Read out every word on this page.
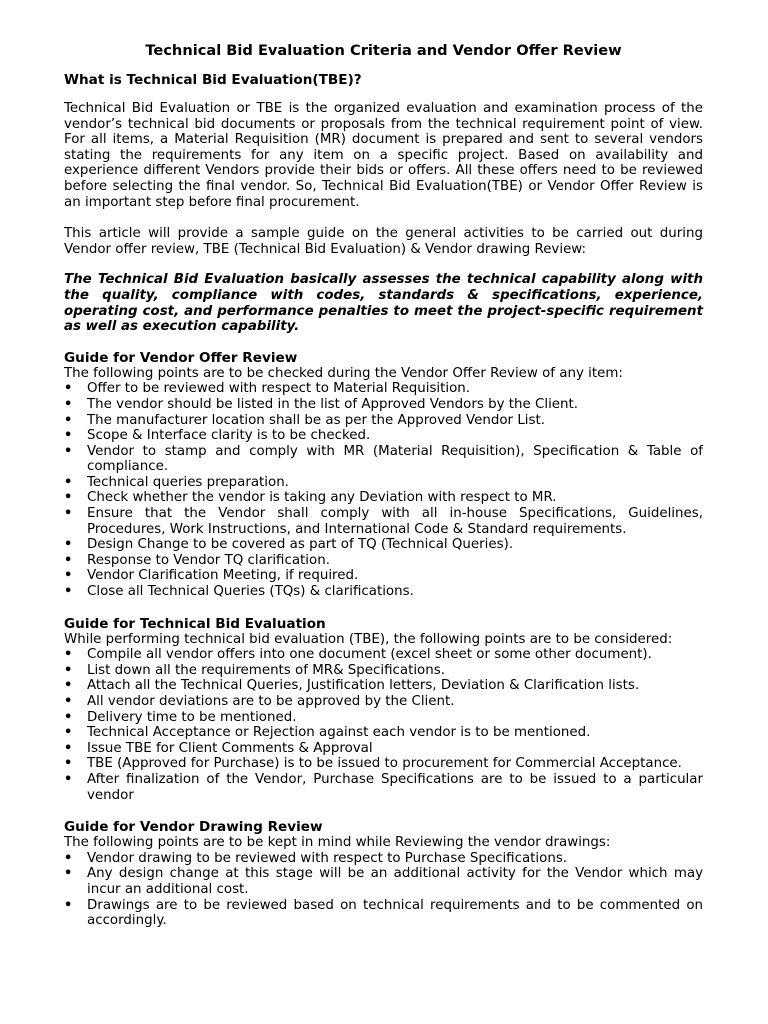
Technical Bid Evaluation Criteria and Vendor Offer Review
What is Technical Bid Evaluation(TBE)?

Technical Bid Evaluation or TBE is the organized evaluation and examination process of the vendor’s technical bid documents or proposals from the technical requirement point of view. For all items, a Material Requisition (MR) document is prepared and sent to several vendors stating the requirements for any item on a specific project. Based on availability and experience different Vendors provide their bids or offers. All these offers need to be reviewed before selecting the final vendor. So, Technical Bid Evaluation(TBE) or Vendor Offer Review is an important step before final procurement.

This article will provide a sample guide on the general activities to be carried out during Vendor offer review, TBE (Technical Bid Evaluation) & Vendor drawing Review:

The Technical Bid Evaluation basically assesses the technical capability along with the quality, compliance with codes, standards & specifications, experience, operating cost, and performance penalties to meet the project-specific requirement as well as execution capability.

Guide for Vendor Offer Review

The following points are to be checked during the Vendor Offer Review of any item:

• Offer to be reviewed with respect to Material Requisition.
• The vendor should be listed in the list of Approved Vendors by the Client.
• The manufacturer location shall be as per the Approved Vendor List.
• Scope & Interface clarity is to be checked.
• Vendor to stamp and comply with MR (Material Requisition), Specification & Table of compliance.
• Technical queries preparation.
• Check whether the vendor is taking any Deviation with respect to MR.
• Ensure that the Vendor shall comply with all in-house Specifications, Guidelines, Procedures, Work Instructions, and International Code & Standard requirements.
• Design Change to be covered as part of TQ (Technical Queries).
• Response to Vendor TQ clarification.
• Vendor Clarification Meeting, if required.
• Close all Technical Queries (TQs) & clarifications.
Guide for Technical Bid Evaluation

While performing technical bid evaluation (TBE), the following points are to be considered:

• Compile all vendor offers into one document (excel sheet or some other document).
• List down all the requirements of MR& Specifications.
• Attach all the Technical Queries, Justification letters, Deviation & Clarification lists.
• All vendor deviations are to be approved by the Client.
• Delivery time to be mentioned.
• Technical Acceptance or Rejection against each vendor is to be mentioned.
• Issue TBE for Client Comments & Approval
• TBE (Approved for Purchase) is to be issued to procurement for Commercial Acceptance.
• After finalization of the Vendor, Purchase Specifications are to be issued to a particular vendor
Guide for Vendor Drawing Review

The following points are to be kept in mind while Reviewing the vendor drawings:

• Vendor drawing to be reviewed with respect to Purchase Specifications.
• Any design change at this stage will be an additional activity for the Vendor which may incur an additional cost.
• Drawings are to be reviewed based on technical requirements and to be commented on accordingly.
